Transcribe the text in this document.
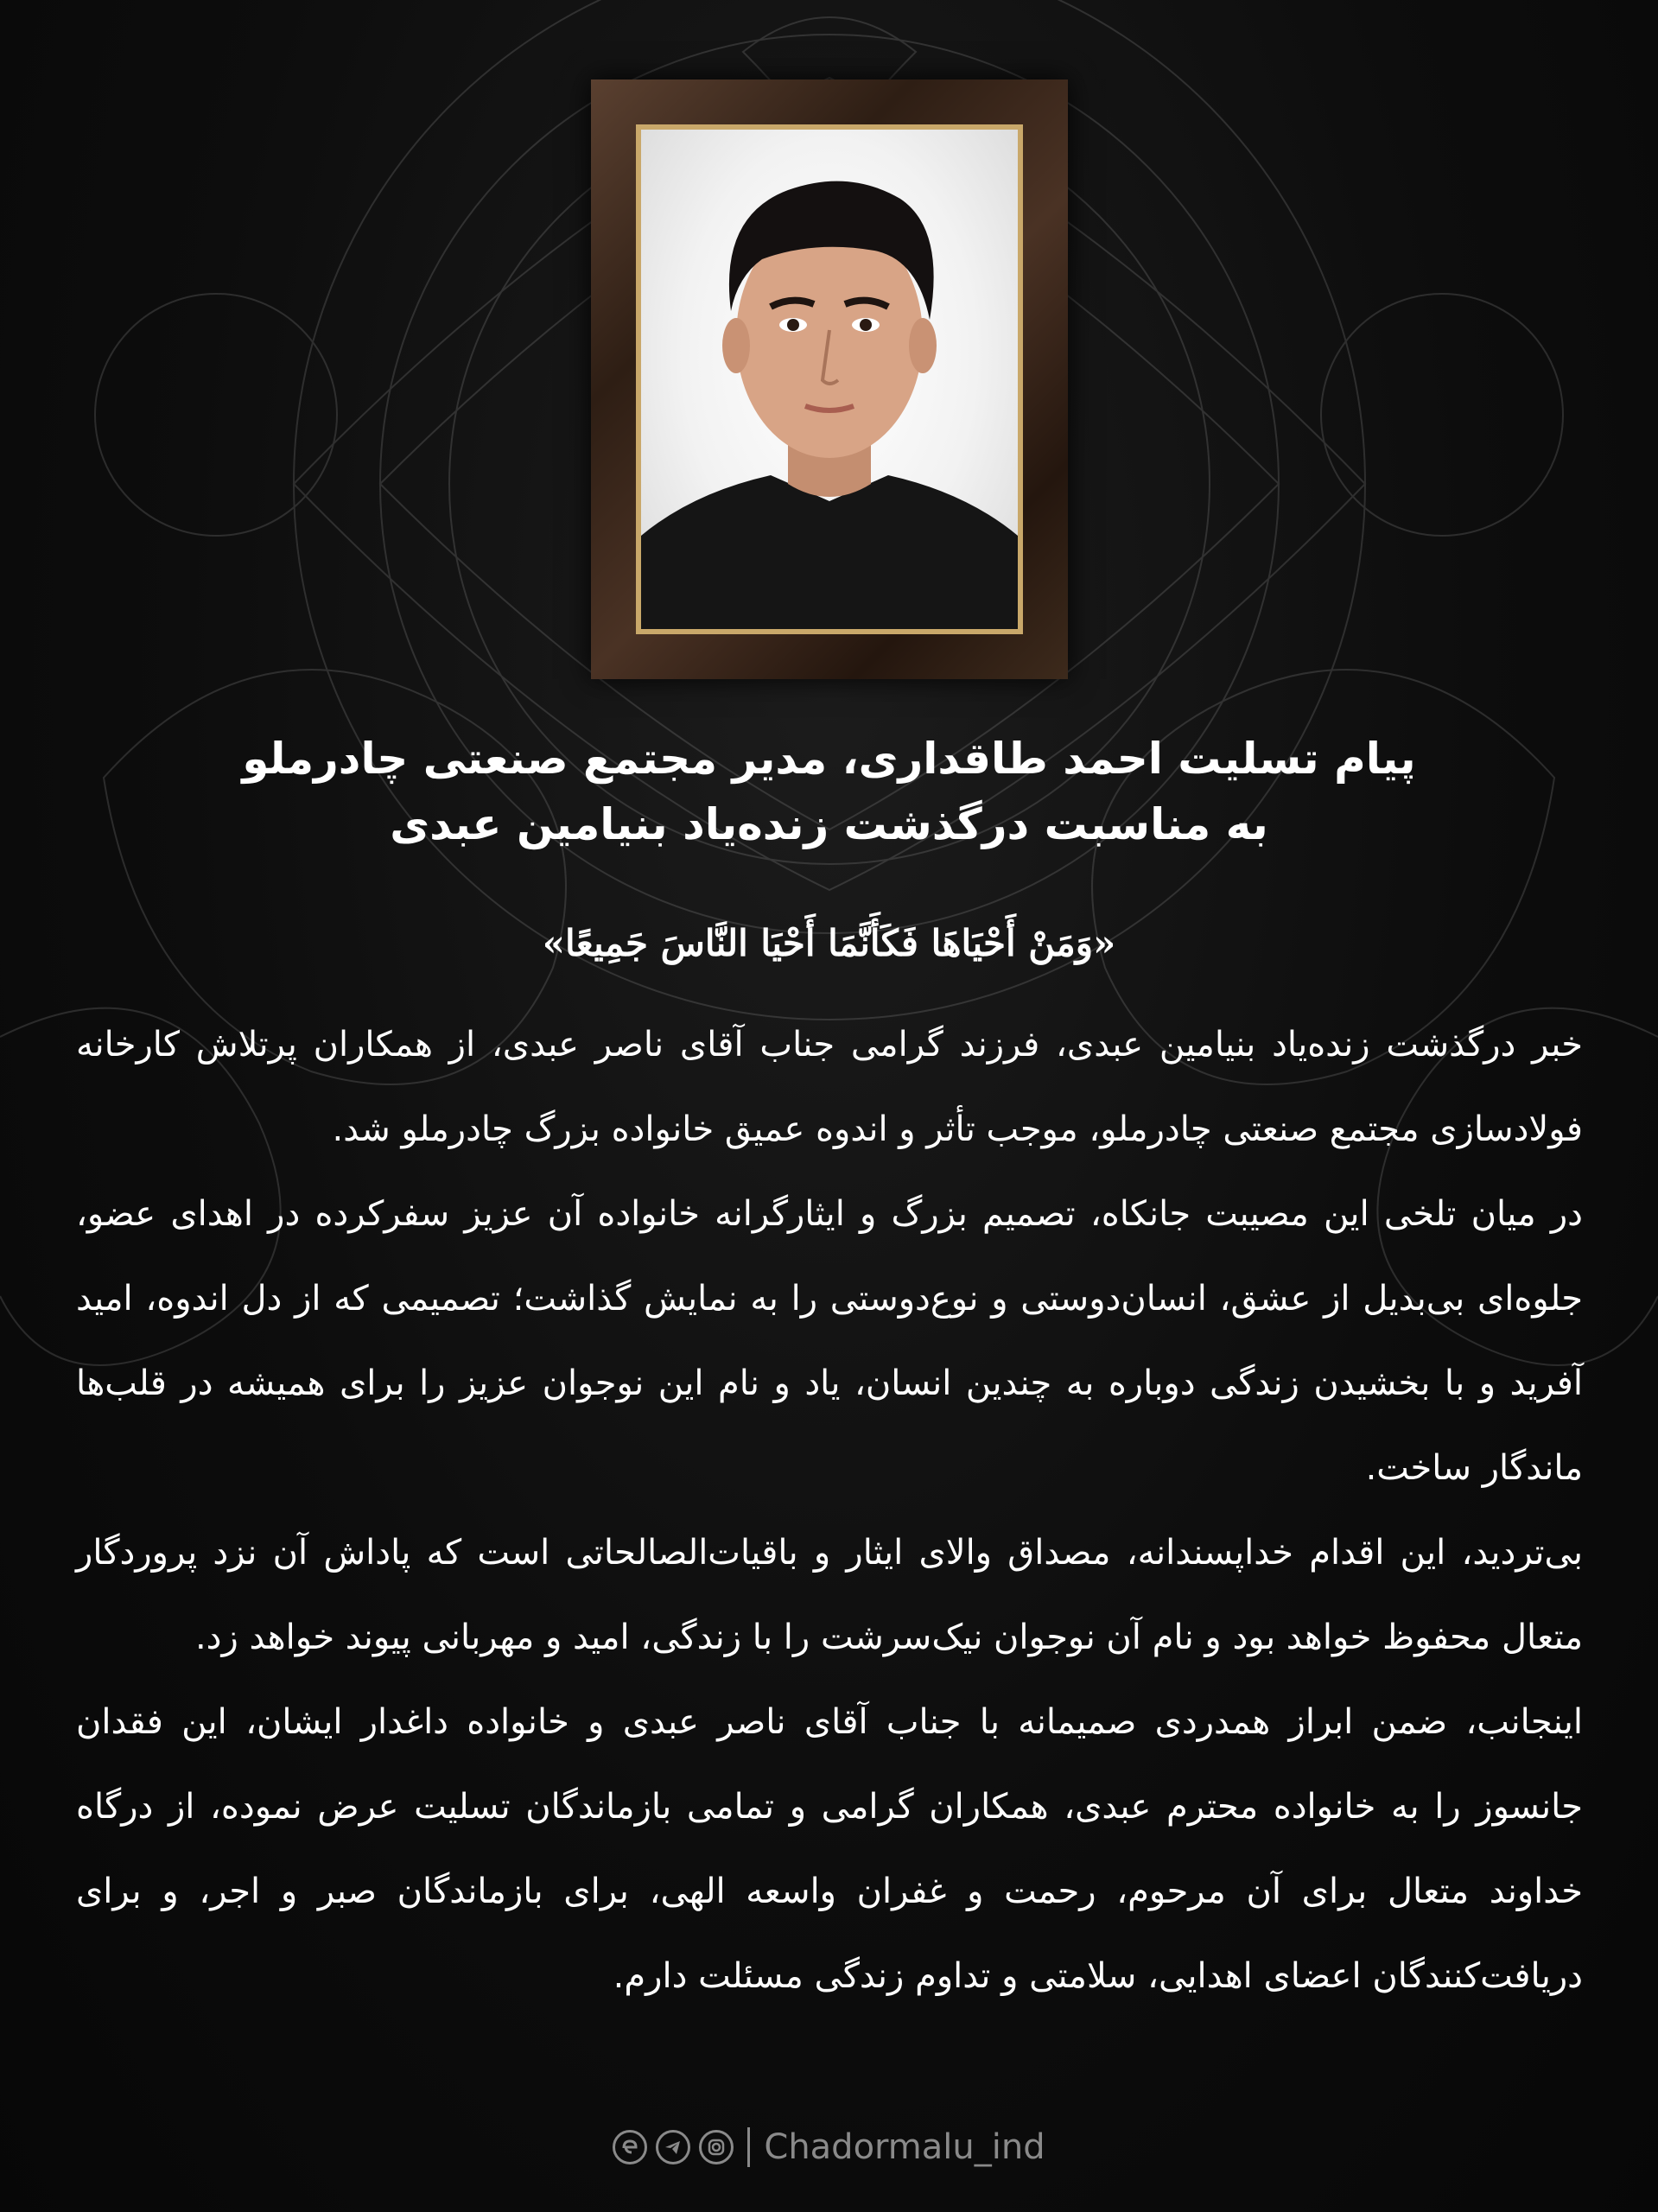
پیام تسلیت احمد طاقداری، مدیر مجتمع صنعتی چادرملو
به مناسبت درگذشت زنده‌یاد بنیامین عبدی
«وَمَنْ أَحْيَاهَا فَكَأَنَّمَا أَحْيَا النَّاسَ جَمِيعًا»

خبر درگذشت زنده‌یاد بنیامین عبدی، فرزند گرامی جناب آقای ناصر عبدی، از همکاران پرتلاش کارخانه فولادسازی مجتمع صنعتی چادرملو، موجب تأثر و اندوه عمیق خانواده بزرگ چادرملو شد.

در میان تلخی این مصیبت جانکاه، تصمیم بزرگ و ایثارگرانه خانواده آن عزیز سفرکرده در اهدای عضو، جلوه‌ای بی‌بدیل از عشق، انسان‌دوستی و نوع‌دوستی را به نمایش گذاشت؛ تصمیمی که از دل اندوه، امید آفرید و با بخشیدن زندگی دوباره به چندین انسان، یاد و نام این نوجوان عزیز را برای همیشه در قلب‌ها ماندگار ساخت.

بی‌تردید، این اقدام خداپسندانه، مصداق والای ایثار و باقیات‌الصالحاتی است که پاداش آن نزد پروردگار متعال محفوظ خواهد بود و نام آن نوجوان نیک‌سرشت را با زندگی، امید و مهربانی پیوند خواهد زد.

اینجانب، ضمن ابراز همدردی صمیمانه با جناب آقای ناصر عبدی و خانواده داغدار ایشان، این فقدان جانسوز را به خانواده محترم عبدی، همکاران گرامی و تمامی بازماندگان تسلیت عرض نموده، از درگاه خداوند متعال برای آن مرحوم، رحمت و غفران واسعه الهی، برای بازماندگان صبر و اجر، و برای دریافت‌کنندگان اعضای اهدایی، سلامتی و تداوم زندگی مسئلت دارم.

Chadormalu_ind
